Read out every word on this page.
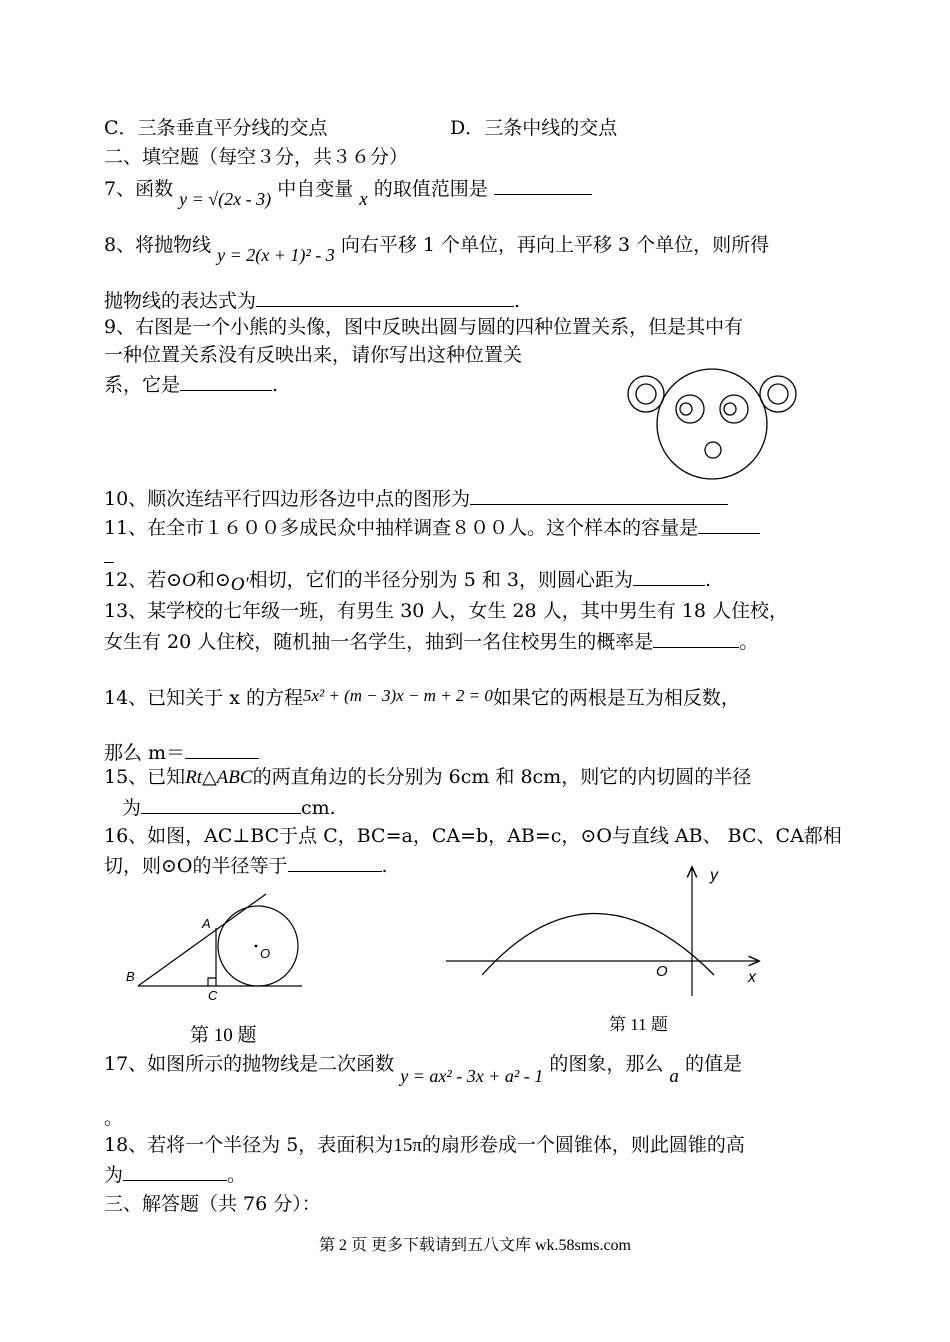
C．三条垂直平分线的交点	D．三条中线的交点
二、填空题（每空３分，共３６分）
7、函数 y = √(2x - 3) 中自变量 x 的取值范围是
8、将抛物线 y = 2(x + 1)² - 3 向右平移 1 个单位，再向上平移 3 个单位，则所得
抛物线的表达式为	.
9、右图是一个小熊的头像，图中反映出圆与圆的四种位置关系，但是其中有
一种位置关系没有反映出来，请你写出这种位置关
系，它是	.
10、顺次连结平行四边形各边中点的图形为
11、在全市１６００多成民众中抽样调查８００人。这个样本的容量是
12、若⊙O和⊙O′相切，它们的半径分别为 5 和 3，则圆心距为	.
13、某学校的七年级一班，有男生 30 人，女生 28 人，其中男生有 18 人住校，
女生有 20 人住校，随机抽一名学生，抽到一名住校男生的概率是	。
14、已知关于 x 的方程5x² + (m − 3)x − m + 2 = 0如果它的两根是互为相反数，
那么 m＝
15、已知Rt△ABC的两直角边的长分别为 6cm 和 8cm，则它的内切圆的半径
为	cm.
16、如图，AC⊥BC于点 C，BC=a，CA=b，AB=c，⊙O与直线 AB、 BC、CA都相
切，则⊙O的半径等于	.
A
B
C
O
第 10 题
y
x
O
第 11 题
17、如图所示的抛物线是二次函数 y = ax² - 3x + a² - 1 的图象，那么 a 的值是
。
18、若将一个半径为 5，表面积为15π的扇形卷成一个圆锥体，则此圆锥的高
为	。
三、解答题（共 76 分）：
第 2 页 更多下载请到五八文库 wk.58sms.com
